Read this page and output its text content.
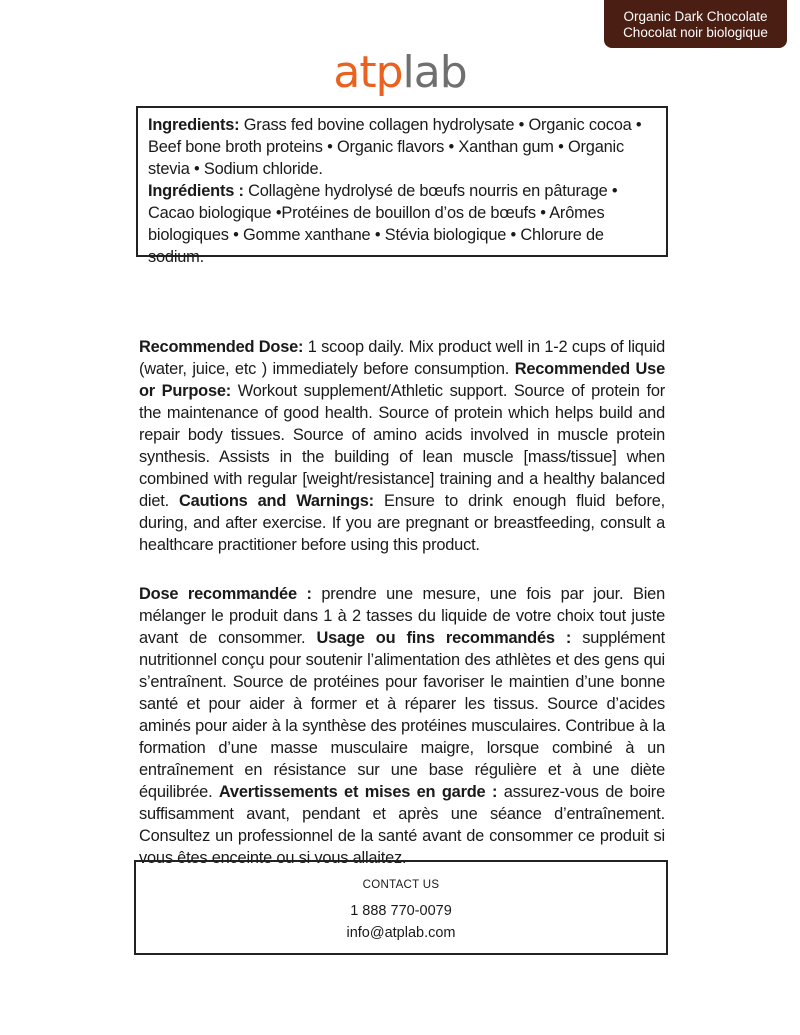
Organic Dark Chocolate
Chocolat noir biologique
atplab
Ingredients: Grass fed bovine collagen hydrolysate • Organic cocoa • Beef bone broth proteins • Organic flavors • Xanthan gum • Organic stevia • Sodium chloride.
Ingrédients : Collagène hydrolysé de bœufs nourris en pâturage • Cacao biologique •Protéines de bouillon d’os de bœufs • Arômes biologiques • Gomme xanthane • Stévia biologique • Chlorure de sodium.
Recommended Dose: 1 scoop daily. Mix product well in 1-2 cups of liquid (water, juice, etc ) immediately before consumption. Recommended Use or Purpose: Workout supplement/Athletic support. Source of protein for the maintenance of good health. Source of protein which helps build and repair body tissues. Source of amino acids involved in muscle protein synthesis. Assists in the building of lean muscle [mass/tissue] when combined with regular [weight/resistance] training and a healthy balanced diet. Cautions and Warnings: Ensure to drink enough fluid before, during, and after exercise. If you are pregnant or breastfeeding, consult a healthcare practitioner before using this product.
Dose recommandée : prendre une mesure, une fois par jour. Bien mélanger le produit dans 1 à 2 tasses du liquide de votre choix tout juste avant de consommer. Usage ou fins recommandés : supplément nutritionnel conçu pour soutenir l’alimentation des athlètes et des gens qui s’entraînent. Source de protéines pour favoriser le maintien d’une bonne santé et pour aider à former et à réparer les tissus. Source d’acides aminés pour aider à la synthèse des protéines musculaires. Contribue à la formation d’une masse musculaire maigre, lorsque combiné à un entraînement en résistance sur une base régulière et à une diète équilibrée. Avertissements et mises en garde : assurez-vous de boire suffisamment avant, pendant et après une séance d’entraînement. Consultez un professionnel de la santé avant de consommer ce produit si vous êtes enceinte ou si vous allaitez.
CONTACT US
1 888 770-0079
info@atplab.com
